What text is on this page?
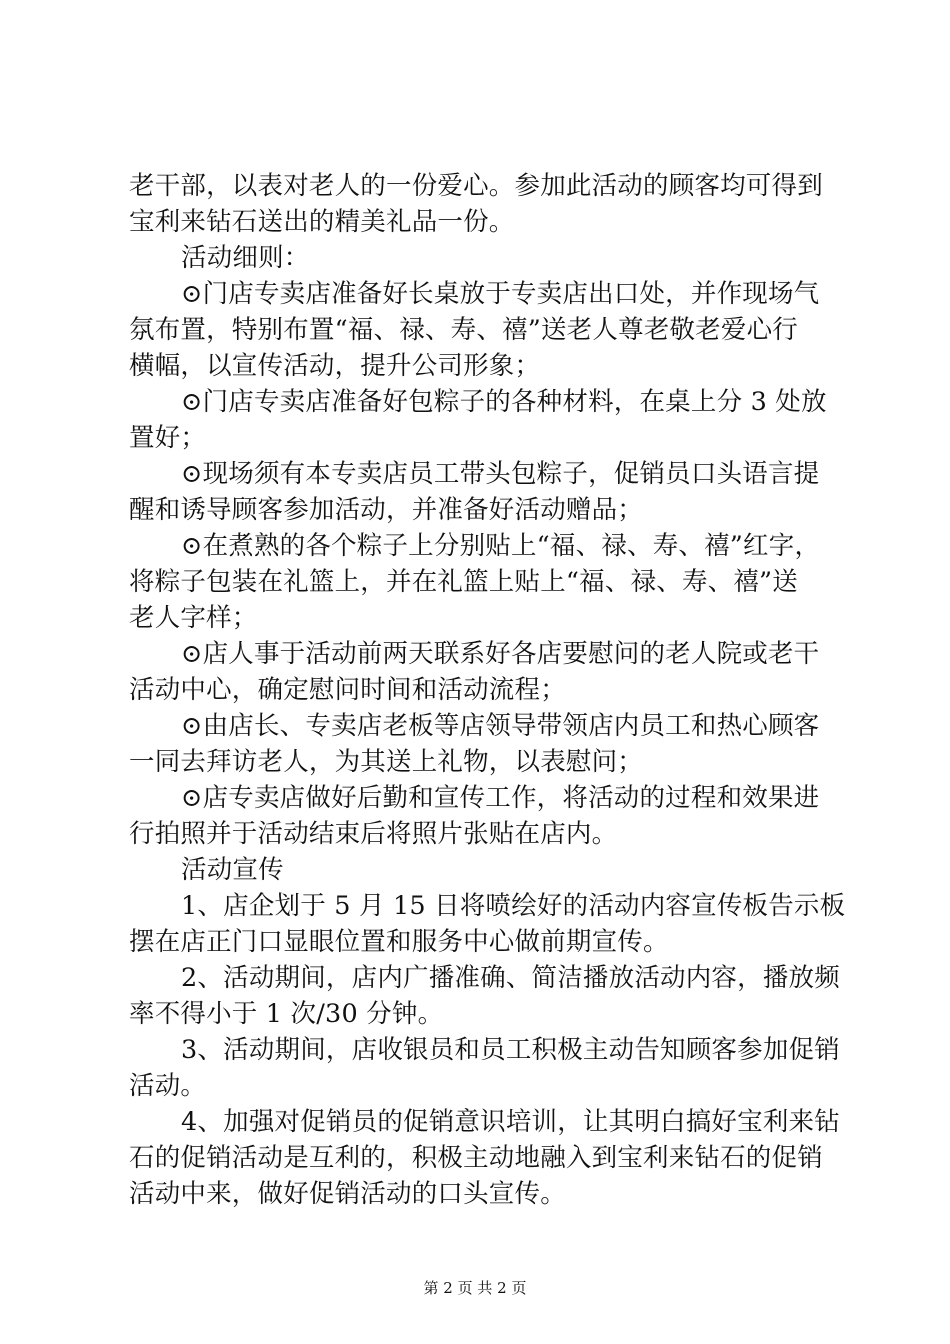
老干部，以表对老人的一份爱心。参加此活动的顾客均可得到
宝利来钻石送出的精美礼品一份。
活动细则：
⊙门店专卖店准备好长桌放于专卖店出口处，并作现场气
氛布置，特别布置“福、禄、寿、禧”送老人尊老敬老爱心行
横幅，以宣传活动，提升公司形象；
⊙门店专卖店准备好包粽子的各种材料，在桌上分 3 处放
置好；
⊙现场须有本专卖店员工带头包粽子，促销员口头语言提
醒和诱导顾客参加活动，并准备好活动赠品；
⊙在煮熟的各个粽子上分别贴上“福、禄、寿、禧”红字，
将粽子包装在礼篮上，并在礼篮上贴上“福、禄、寿、禧”送
老人字样；
⊙店人事于活动前两天联系好各店要慰问的老人院或老干
活动中心，确定慰问时间和活动流程；
⊙由店长、专卖店老板等店领导带领店内员工和热心顾客
一同去拜访老人，为其送上礼物，以表慰问；
⊙店专卖店做好后勤和宣传工作，将活动的过程和效果进
行拍照并于活动结束后将照片张贴在店内。
活动宣传
1、店企划于 5 月 15 日将喷绘好的活动内容宣传板告示板
摆在店正门口显眼位置和服务中心做前期宣传。
2、活动期间，店内广播准确、简洁播放活动内容，播放频
率不得小于 1 次/30 分钟。
3、活动期间，店收银员和员工积极主动告知顾客参加促销
活动。
4、加强对促销员的促销意识培训，让其明白搞好宝利来钻
石的促销活动是互利的，积极主动地融入到宝利来钻石的促销
活动中来，做好促销活动的口头宣传。
第 2 页 共 2 页
